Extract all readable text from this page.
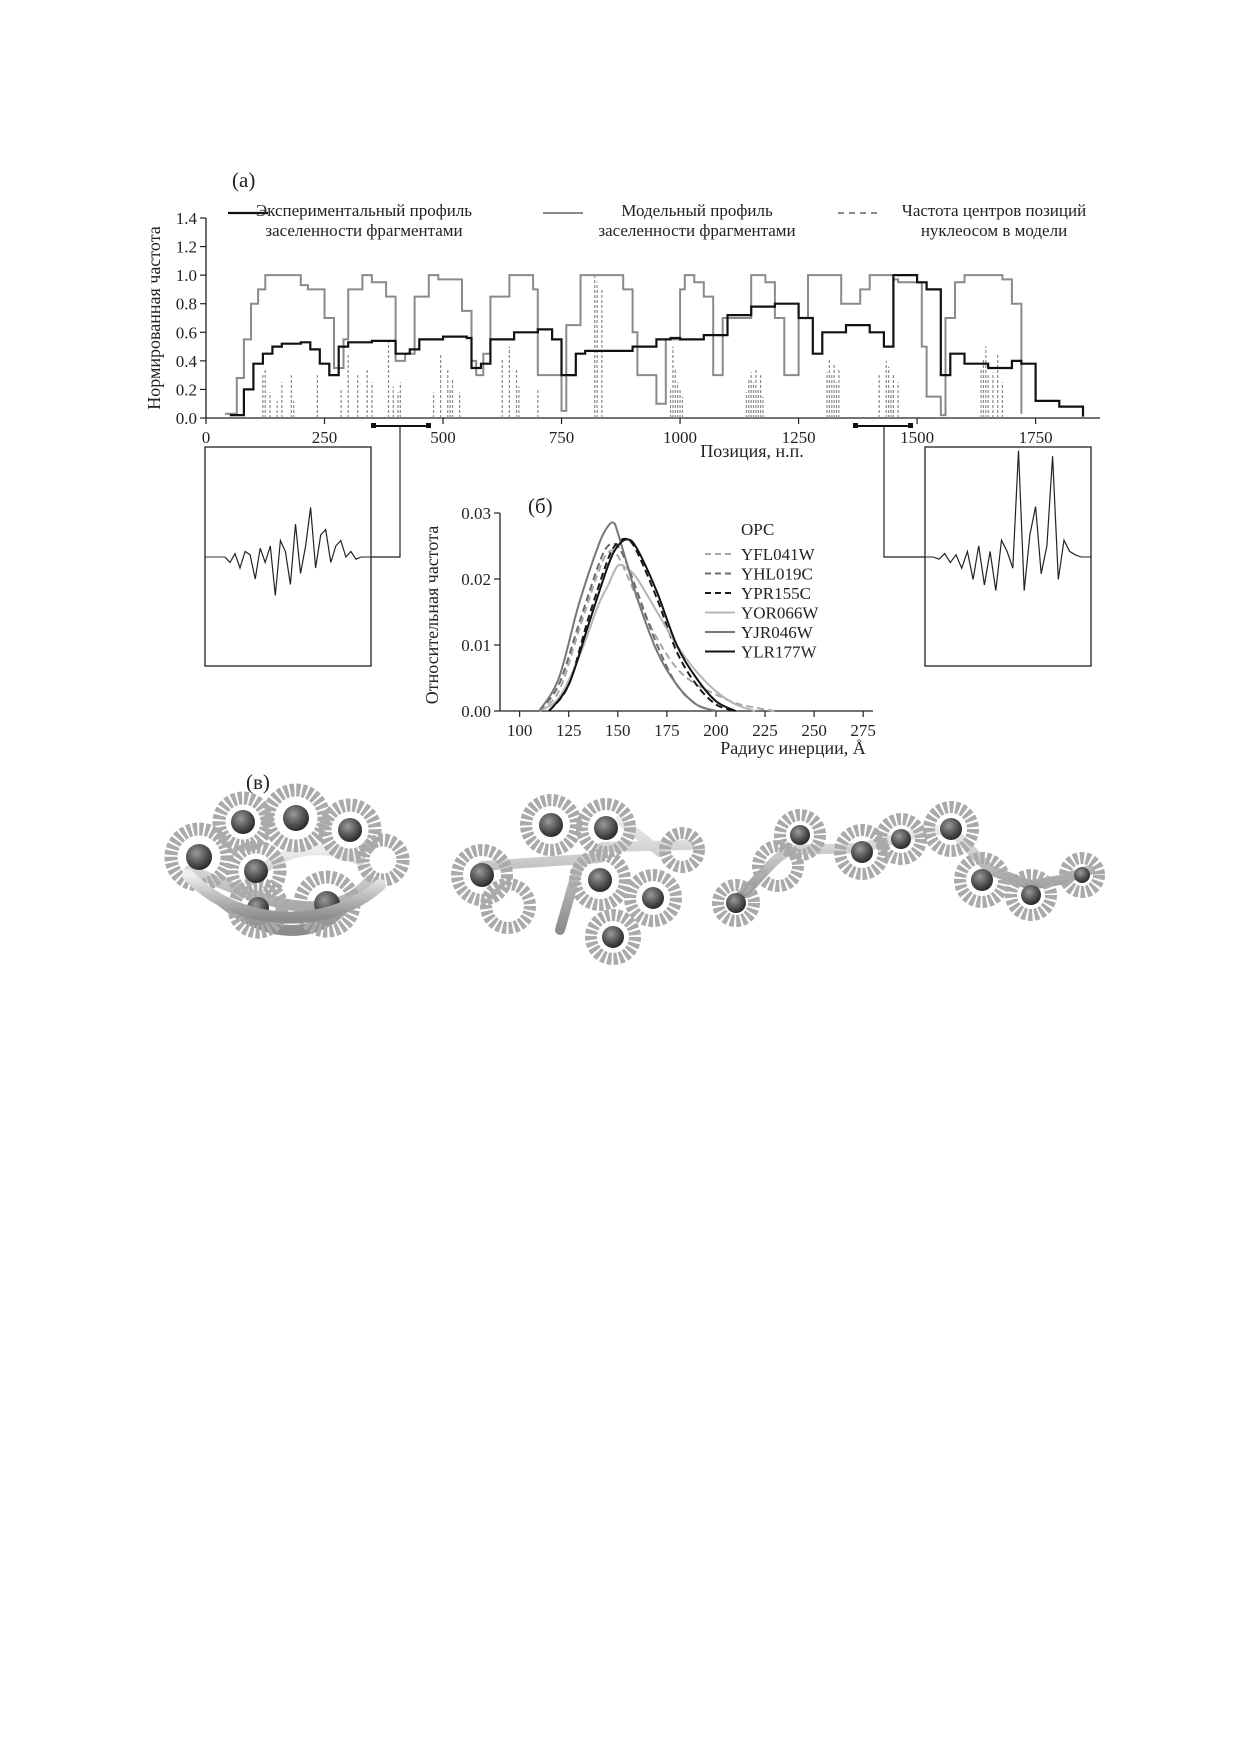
(а)
Экспериментальный профиль
заселенности фрагментами
Модельный профиль
заселенности фрагментами
Частота центров позиций
нуклеосом в модели
0.0
0.2
0.4
0.6
0.8
1.0
1.2
1.4
0	250	500	750	1000	1250	1500	1750
Позиция, н.п.
Нормированная частота
(б)
0.00
0.01
0.02
0.03
100 125 150 175 200 225 250 275
Радиус инерции, Å
Относительная частота	ОРС
YFL041W
YHL019C
YPR155C
YOR066W
YJR046W
YLR177W
(в)
